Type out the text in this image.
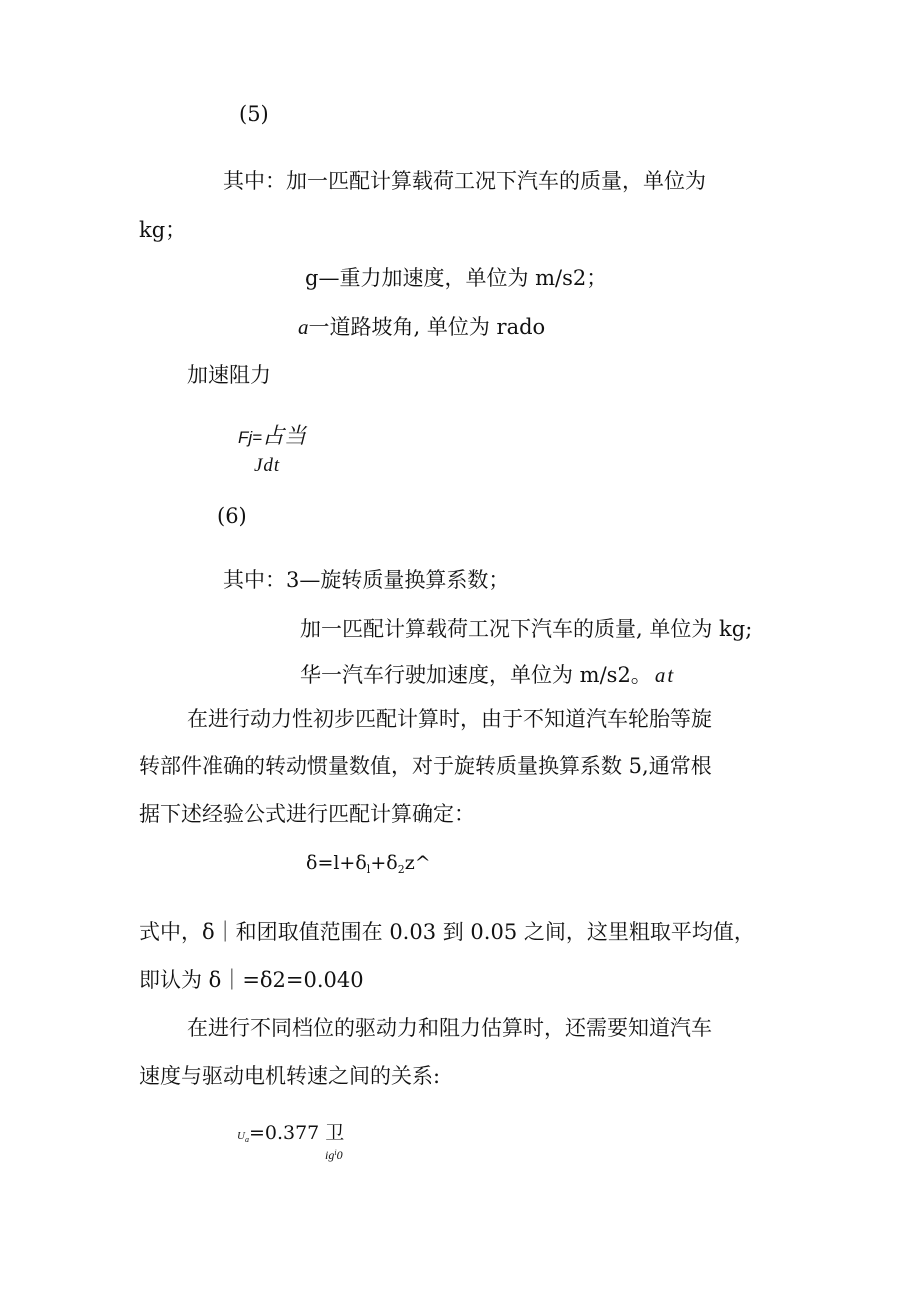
(5)
其中：加一匹配计算载荷工况下汽车的质量，单位为
kg；
g—重力加速度，单位为 m/s2；
a一道路坡角, 单位为 rado
加速阻力
Fj=占当
Jdt
(6)
其中：3—旋转质量换算系数；
加一匹配计算载荷工况下汽车的质量, 单位为 kg;
华一汽车行驶加速度，单位为 m/s2。 at
在进行动力性初步匹配计算时，由于不知道汽车轮胎等旋
转部件准确的转动惯量数值，对于旋转质量换算系数 5,通常根
据下述经验公式进行匹配计算确定：
$\delta=l+\delta_l+\delta_2z\^{}$
式中，δ｜和团取值范围在 0.03 到 0.05 之间，这里粗取平均值，
即认为 δ｜=δ2=0.040
在进行不同档位的驱动力和阻力估算时，还需要知道汽车
速度与驱动电机转速之间的关系:
Ua=0.377 卫
$ig^i0$
